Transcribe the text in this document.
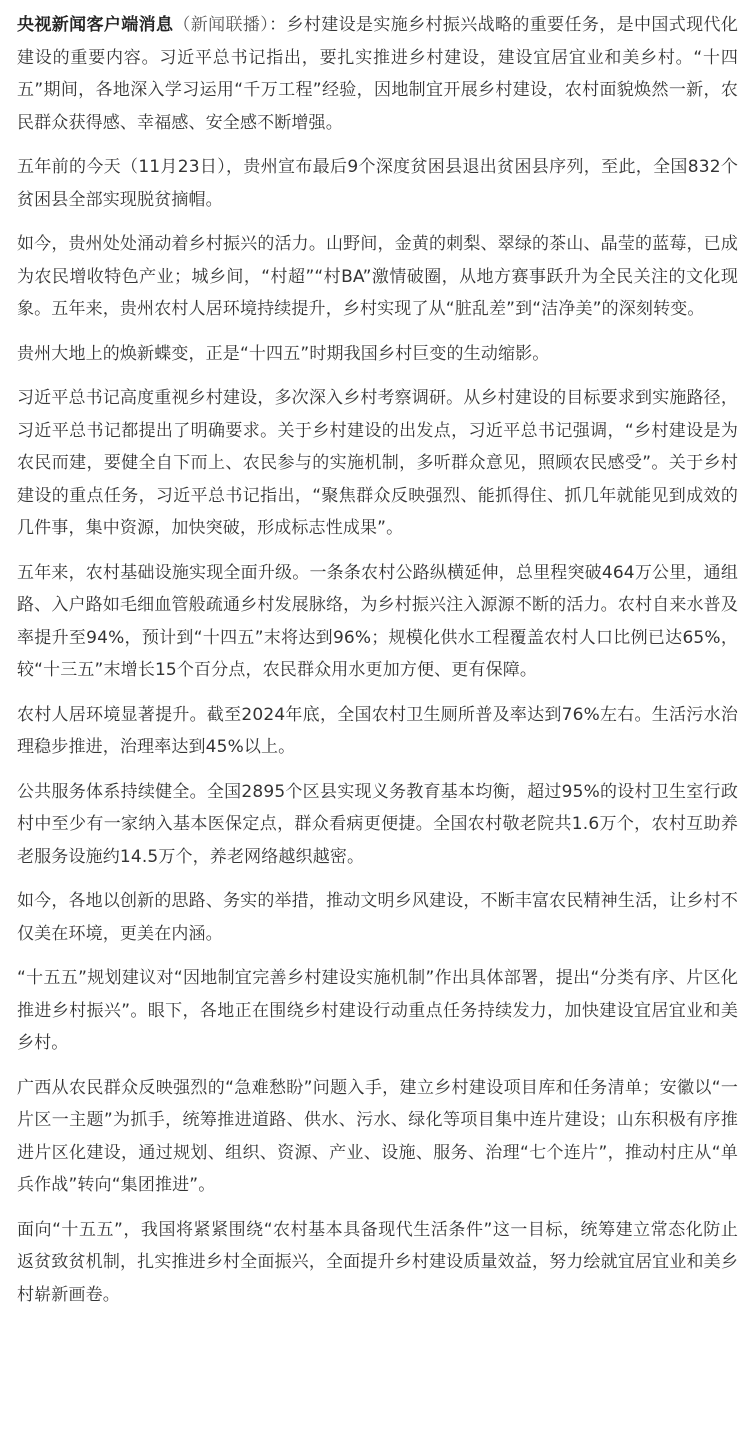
央视新闻客户端消息（新闻联播）：乡村建设是实施乡村振兴战略的重要任务，是中国式现代化建设的重要内容。习近平总书记指出，要扎实推进乡村建设，建设宜居宜业和美乡村。“十四五”期间，各地深入学习运用“千万工程”经验，因地制宜开展乡村建设，农村面貌焕然一新，农民群众获得感、幸福感、安全感不断增强。

五年前的今天（11月23日），贵州宣布最后9个深度贫困县退出贫困县序列，至此，全国832个贫困县全部实现脱贫摘帽。

如今，贵州处处涌动着乡村振兴的活力。山野间，金黄的刺梨、翠绿的茶山、晶莹的蓝莓，已成为农民增收特色产业；城乡间，“村超”“村BA”激情破圈，从地方赛事跃升为全民关注的文化现象。五年来，贵州农村人居环境持续提升，乡村实现了从“脏乱差”到“洁净美”的深刻转变。

贵州大地上的焕新蝶变，正是“十四五”时期我国乡村巨变的生动缩影。

习近平总书记高度重视乡村建设，多次深入乡村考察调研。从乡村建设的目标要求到实施路径，习近平总书记都提出了明确要求。关于乡村建设的出发点，习近平总书记强调，“乡村建设是为农民而建，要健全自下而上、农民参与的实施机制，多听群众意见，照顾农民感受”。关于乡村建设的重点任务，习近平总书记指出，“聚焦群众反映强烈、能抓得住、抓几年就能见到成效的几件事，集中资源，加快突破，形成标志性成果”。

五年来，农村基础设施实现全面升级。一条条农村公路纵横延伸，总里程突破464万公里，通组路、入户路如毛细血管般疏通乡村发展脉络，为乡村振兴注入源源不断的活力。农村自来水普及率提升至94%，预计到“十四五”末将达到96%；规模化供水工程覆盖农村人口比例已达65%，较“十三五”末增长15个百分点，农民群众用水更加方便、更有保障。

农村人居环境显著提升。截至2024年底，全国农村卫生厕所普及率达到76%左右。生活污水治理稳步推进，治理率达到45%以上。

公共服务体系持续健全。全国2895个区县实现义务教育基本均衡，超过95%的设村卫生室行政村中至少有一家纳入基本医保定点，群众看病更便捷。全国农村敬老院共1.6万个，农村互助养老服务设施约14.5万个，养老网络越织越密。

如今，各地以创新的思路、务实的举措，推动文明乡风建设，不断丰富农民精神生活，让乡村不仅美在环境，更美在内涵。

“十五五”规划建议对“因地制宜完善乡村建设实施机制”作出具体部署，提出“分类有序、片区化推进乡村振兴”。眼下，各地正在围绕乡村建设行动重点任务持续发力，加快建设宜居宜业和美乡村。

广西从农民群众反映强烈的“急难愁盼”问题入手，建立乡村建设项目库和任务清单；安徽以“一片区一主题”为抓手，统筹推进道路、供水、污水、绿化等项目集中连片建设；山东积极有序推进片区化建设，通过规划、组织、资源、产业、设施、服务、治理“七个连片”，推动村庄从“单兵作战”转向“集团推进”。

面向“十五五”，我国将紧紧围绕“农村基本具备现代生活条件”这一目标，统筹建立常态化防止返贫致贫机制，扎实推进乡村全面振兴，全面提升乡村建设质量效益，努力绘就宜居宜业和美乡村崭新画卷。
